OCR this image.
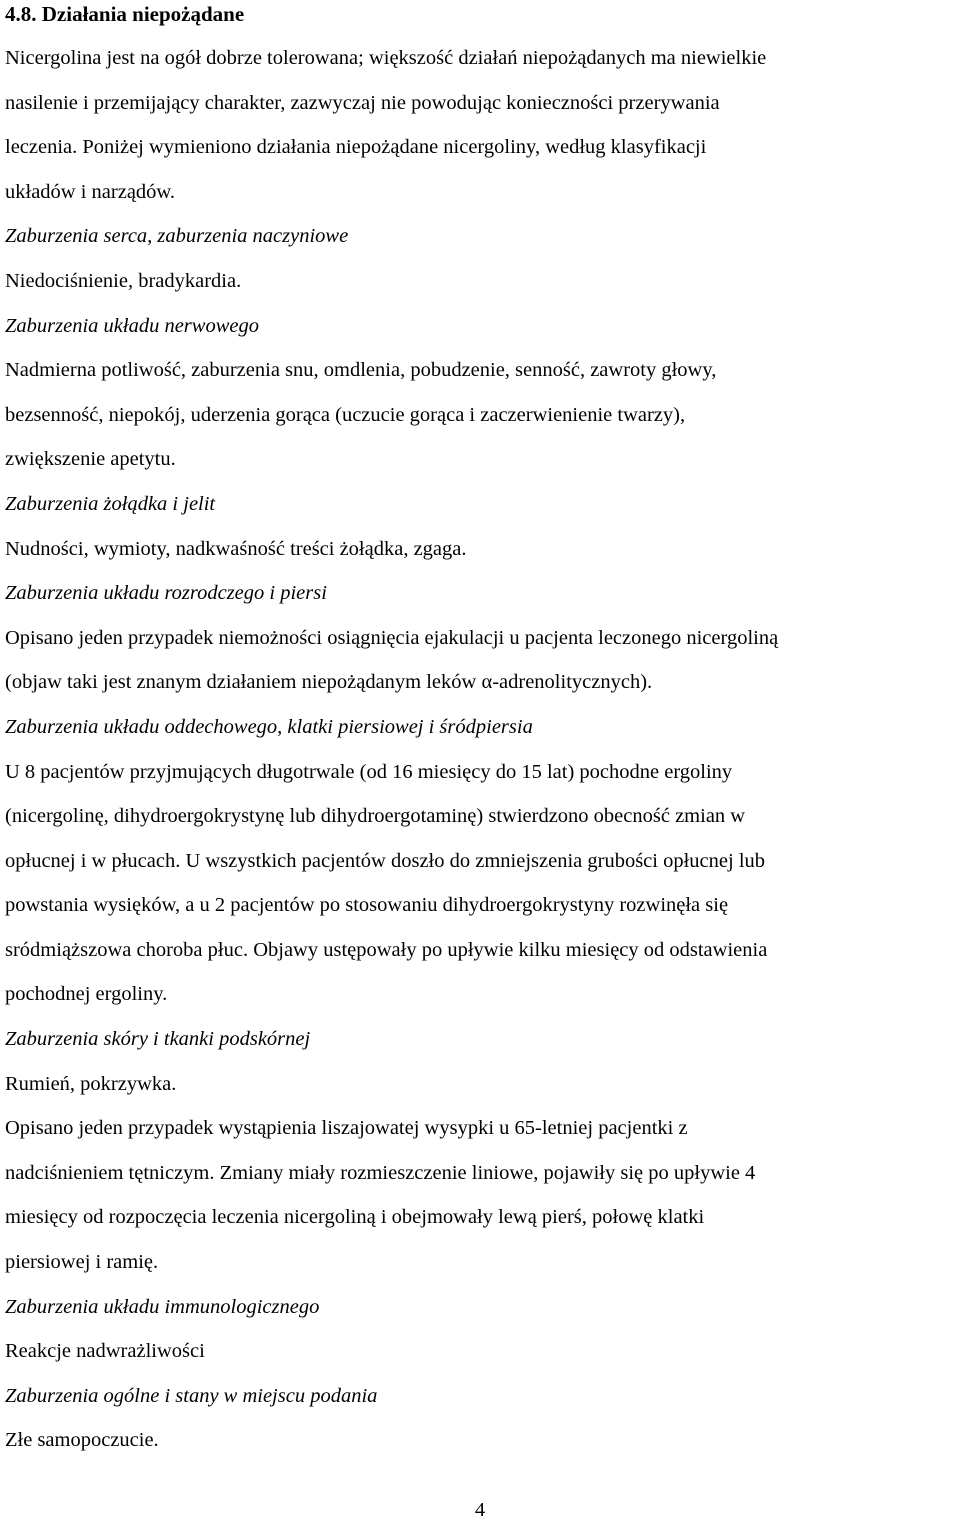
4.8. Działania niepożądane
Nicergolina jest na ogół dobrze tolerowana; większość działań niepożądanych ma niewielkie
nasilenie i przemijający charakter, zazwyczaj nie powodując konieczności przerywania
leczenia. Poniżej wymieniono działania niepożądane nicergoliny, według klasyfikacji
układów i narządów.
Zaburzenia serca, zaburzenia naczyniowe
Niedociśnienie, bradykardia.
Zaburzenia układu nerwowego
Nadmierna potliwość, zaburzenia snu, omdlenia, pobudzenie, senność, zawroty głowy,
bezsenność, niepokój, uderzenia gorąca (uczucie gorąca i zaczerwienienie twarzy),
zwiększenie apetytu.
Zaburzenia żołądka i jelit
Nudności, wymioty, nadkwaśność treści żołądka, zgaga.
Zaburzenia układu rozrodczego i piersi
Opisano jeden przypadek niemożności osiągnięcia ejakulacji u pacjenta leczonego nicergoliną
(objaw taki jest znanym działaniem niepożądanym leków α-adrenolitycznych).
Zaburzenia układu oddechowego, klatki piersiowej i śródpiersia
U 8 pacjentów przyjmujących długotrwale (od 16 miesięcy do 15 lat) pochodne ergoliny
(nicergolinę, dihydroergokrystynę lub dihydroergotaminę) stwierdzono obecność zmian w
opłucnej i w płucach. U wszystkich pacjentów doszło do zmniejszenia grubości opłucnej lub
powstania wysięków, a u 2 pacjentów po stosowaniu dihydroergokrystyny rozwinęła się
sródmiąższowa choroba płuc. Objawy ustępowały po upływie kilku miesięcy od odstawienia
pochodnej ergoliny.
Zaburzenia skóry i tkanki podskórnej
Rumień, pokrzywka.
Opisano jeden przypadek wystąpienia liszajowatej wysypki u 65-letniej pacjentki z
nadciśnieniem tętniczym. Zmiany miały rozmieszczenie liniowe, pojawiły się po upływie 4
miesięcy od rozpoczęcia leczenia nicergoliną i obejmowały lewą pierś, połowę klatki
piersiowej i ramię.
Zaburzenia układu immunologicznego
Reakcje nadwrażliwości
Zaburzenia ogólne i stany w miejscu podania
Złe samopoczucie.
4
